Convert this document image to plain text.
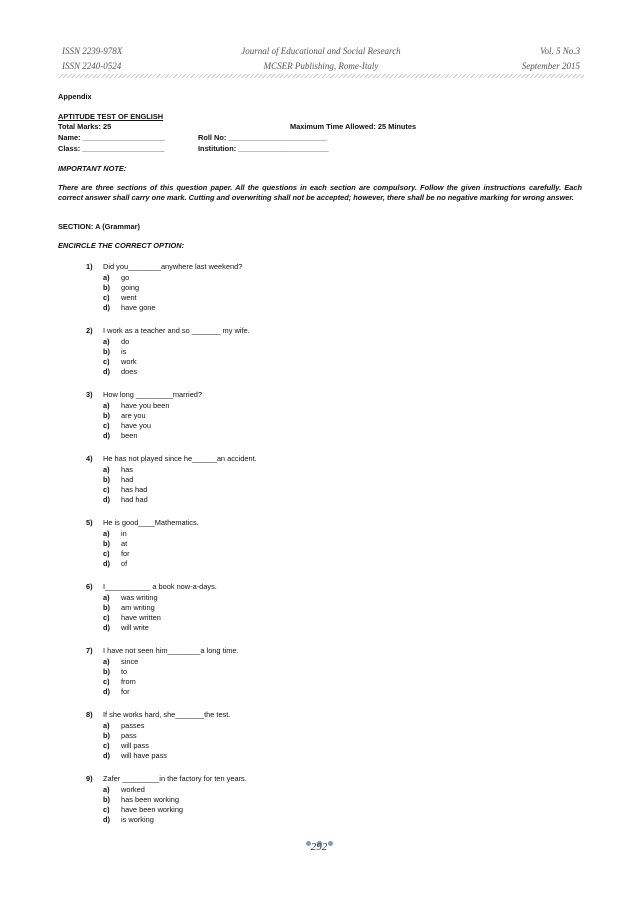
ISSN 2239-978X
ISSN 2240-0524
Journal of Educational and Social Research
MCSER Publishing, Rome-Italy
Vol. 5 No.3
September 2015
Appendix
APTITUDE TEST OF ENGLISH
Total Marks: 25	Maximum Time Allowed: 25 Minutes
Name: ____________________	Roll No: ________________________
Class: ____________________	Institution: ______________________
IMPORTANT NOTE:
There are three sections of this question paper. All the questions in each section are compulsory. Follow the given instructions carefully. Each correct answer shall carry one mark. Cutting and overwriting shall not be accepted; however, there shall be no negative marking for wrong answer.
SECTION: A (Grammar)
ENCIRCLE THE CORRECT OPTION:
1) Did you________anywhere last weekend?
a) go
b) going
c) went
d) have gone
2) I work as a teacher and so _______ my wife.
a) do
b) is
c) work
d) does
3) How long _________married?
a) have you been
b) are you
c) have you
d) been
4) He has not played since he______an accident.
a) has
b) had
c) has had
d) had had
5) He is good____Mathematics.
a) in
b) at
c) for
d) of
6) I___________ a book now-a-days.
a) was writing
b) am writing
c) have written
d) will write
7) I have not seen him________a long time.
a) since
b) to
c) from
d) for
8) If she works hard, she_______the test.
a) passes
b) pass
c) will pass
d) will have pass
9) Zafer _________in the factory for ten years.
a) worked
b) has been working
c) have been working
d) is working
292
